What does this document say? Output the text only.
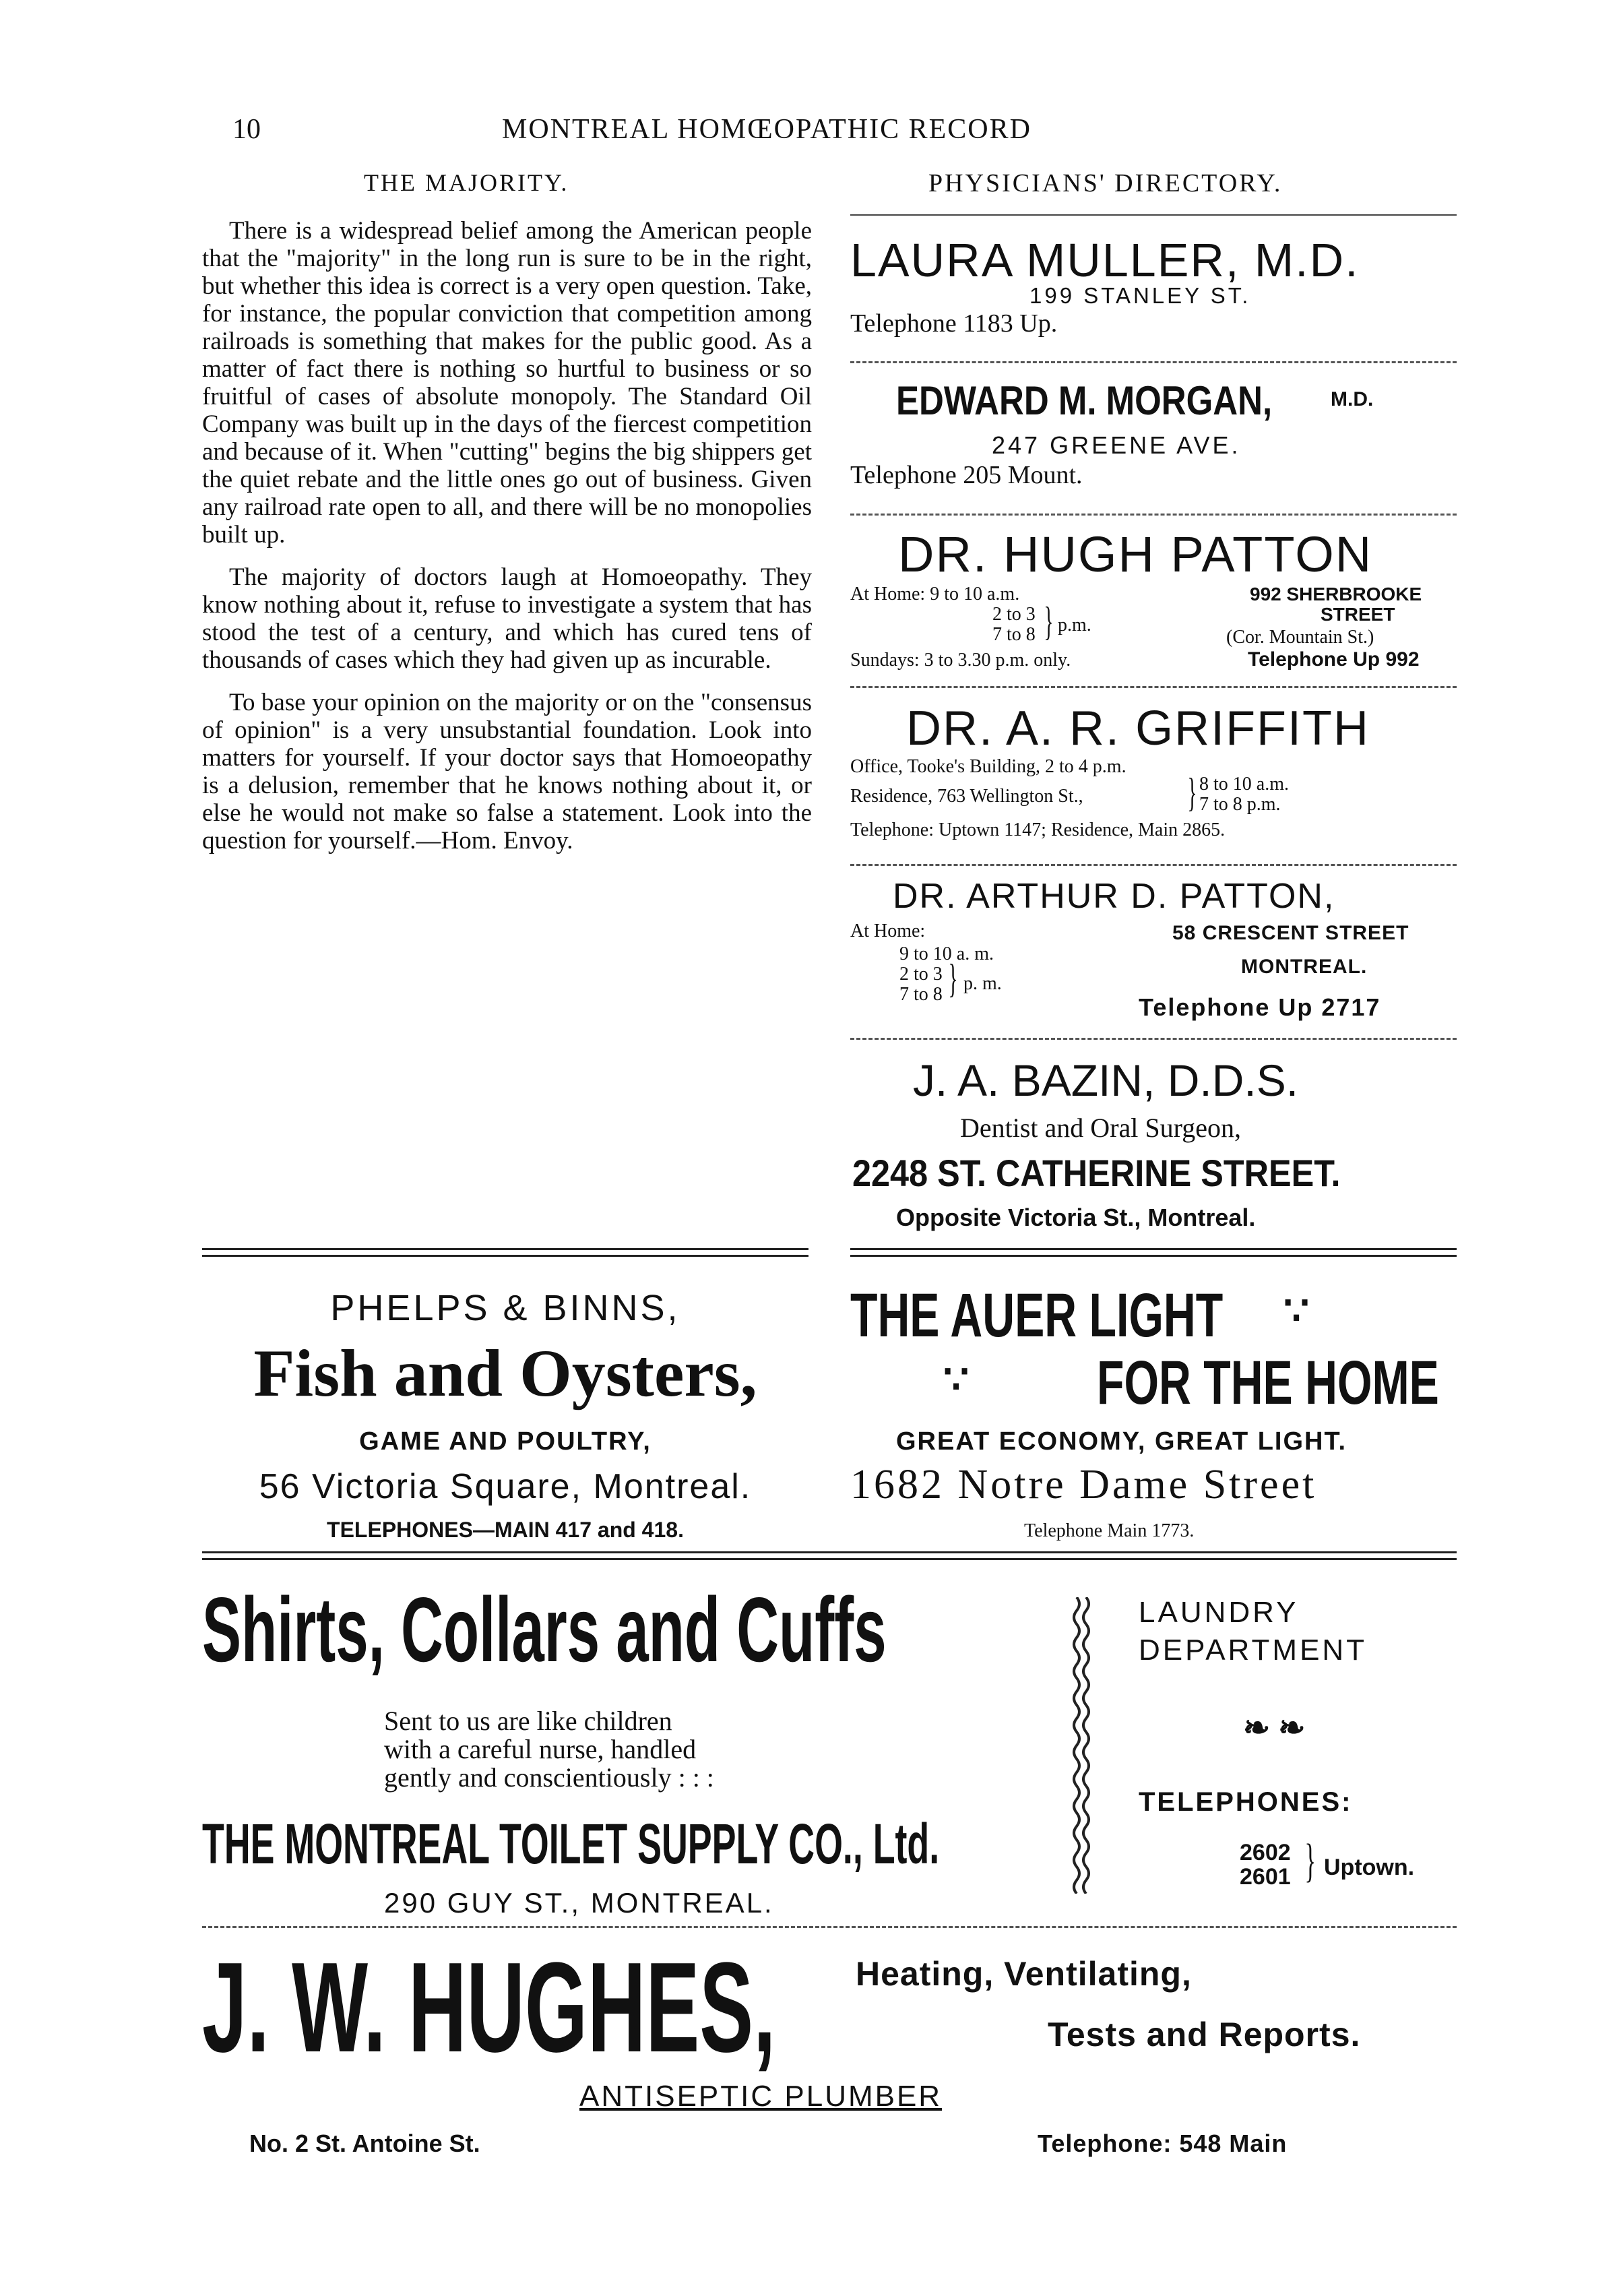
10	MONTREAL HOMŒOPATHIC RECORD
THE MAJORITY.

There is a widespread belief among the American people that the "majority" in the long run is sure to be in the right, but whether this idea is correct is a very open question. Take, for instance, the popular conviction that competition among railroads is something that makes for the public good. As a matter of fact there is nothing so hurtful to business or so fruitful of cases of absolute monopoly. The Standard Oil Company was built up in the days of the fiercest competition and because of it. When "cutting" begins the big shippers get the quiet rebate and the little ones go out of business. Given any railroad rate open to all, and there will be no monopolies built up.

The majority of doctors laugh at Homoeopathy. They know nothing about it, refuse to investigate a system that has stood the test of a century, and which has cured tens of thousands of cases which they had given up as incurable.

To base your opinion on the majority or on the "consensus of opinion" is a very unsubstantial foundation. Look into matters for yourself. If your doctor says that Homoeopathy is a delusion, remember that he knows nothing about it, or else he would not make so false a statement. Look into the question for yourself.—Hom. Envoy.

PHYSICIANS' DIRECTORY.
LAURA MULLER, M.D.
199 STANLEY ST.
Telephone 1183 Up.
EDWARD M. MORGAN,	M.D.
247 GREENE AVE.
Telephone 205 Mount.
DR. HUGH PATTON
At Home: 9 to 10 a.m.
2 to 3
7 to 8 } p.m.
Sundays: 3 to 3.30 p.m. only.
992 SHERBROOKE
STREET
(Cor. Mountain St.)
Telephone Up 992
DR. A. R. GRIFFITH
Office, Tooke's Building, 2 to 4 p.m.
Residence, 763 Wellington St.,	} 8 to 10 a.m.
7 to 8 p.m.
Telephone: Uptown 1147; Residence, Main 2865.
DR. ARTHUR D. PATTON,
At Home:
9 to 10 a. m.
2 to 3
7 to 8 } p. m.
58 CRESCENT STREET
MONTREAL.
Telephone Up 2717
J. A. BAZIN, D.D.S.
Dentist and Oral Surgeon,
2248 ST. CATHERINE STREET.
Opposite Victoria St., Montreal.
PHELPS & BINNS,
Fish and Oysters,
GAME AND POULTRY,
56 Victoria Square, Montreal.
TELEPHONES—MAIN 417 and 418.
THE AUER LIGHT	∵
∵ FOR THE HOME
GREAT ECONOMY, GREAT LIGHT.
1682 Notre Dame Street
Telephone Main 1773.
Shirts, Collars and Cuffs
Sent to us are like children
with a careful nurse, handled
gently and conscientiously : : :
THE MONTREAL TOILET SUPPLY CO., Ltd.
290 GUY ST., MONTREAL.
LAUNDRY
DEPARTMENT
❧ ❧
TELEPHONES:
2602
2601 } Uptown.
J. W. HUGHES,	Heating, Ventilating,
Tests and Reports.
ANTISEPTIC PLUMBER
No. 2 St. Antoine St.	Telephone: 548 Main
